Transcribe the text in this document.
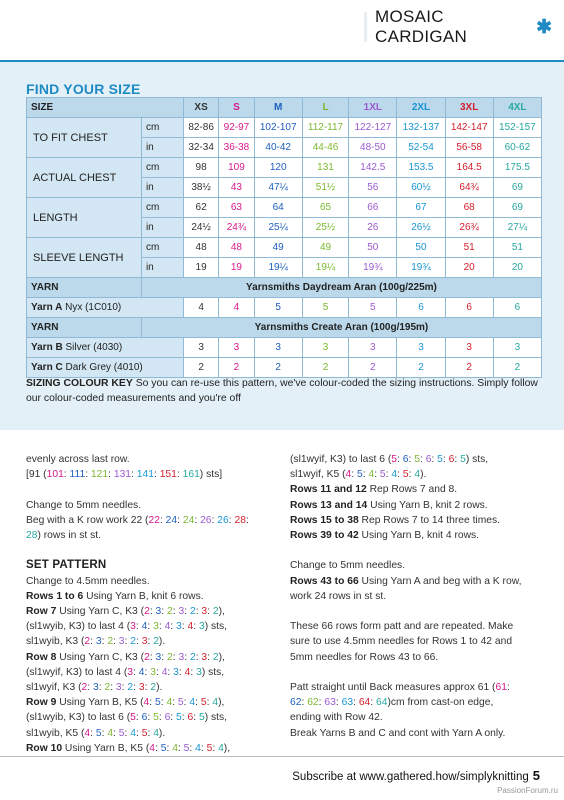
MOSAIC CARDIGAN	✱
FIND YOUR SIZE
SIZE		XS	S	M	L	1XL	2XL	3XL	4XL
TO FIT CHEST	cm	82-86	92-97	102-107	112-117	122-127	132-137	142-147	152-157
	in	32-34	36-38	40-42	44-46	48-50	52-54	56-58	60-62
ACTUAL CHEST	cm	98	109	120	131	142.5	153.5	164.5	175.5
	in	38½	43	47¼	51½	56	60½	64¾	69
LENGTH	cm	62	63	64	65	66	67	68	69
	in	24½	24¾	25¼	25½	26	26½	26¾	27¼
SLEEVE LENGTH	cm	48	48	49	49	50	50	51	51
	in	19	19	19¼	19¼	19¾	19¾	20	20
YARN	Yarnsmiths Daydream Aran (100g/225m)								
Yarn A Nyx (1C010)		4	4	5	5	5	6	6	6
YARN	Yarnsmiths Create Aran (100g/195m)								
Yarn B Silver (4030)		3	3	3	3	3	3	3	3
Yarn C Dark Grey (4010)		2	2	2	2	2	2	2	2
SIZING COLOUR KEY So you can re-use this pattern, we've colour-coded the sizing instructions. Simply follow our colour-coded measurements and you're off
evenly across last row.
[91 (101: 111: 121: 131: 141: 151: 161) sts]
Change to 5mm needles.
Beg with a K row work 22 (22: 24: 24: 26: 26: 28:
28) rows in st st.
SET PATTERN
Change to 4.5mm needles.
Rows 1 to 6 Using Yarn B, knit 6 rows.
Row 7 Using Yarn C, K3 (2: 3: 2: 3: 2: 3: 2),
(sl1wyib, K3) to last 4 (3: 4: 3: 4: 3: 4: 3) sts,
sl1wyib, K3 (2: 3: 2: 3: 2: 3: 2).
Row 8 Using Yarn C, K3 (2: 3: 2: 3: 2: 3: 2),
(sl1wyif, K3) to last 4 (3: 4: 3: 4: 3: 4: 3) sts,
sl1wyif, K3 (2: 3: 2: 3: 2: 3: 2).
Row 9 Using Yarn B, K5 (4: 5: 4: 5: 4: 5: 4),
(sl1wyib, K3) to last 6 (5: 6: 5: 6: 5: 6: 5) sts,
sl1wyib, K5 (4: 5: 4: 5: 4: 5: 4).
Row 10 Using Yarn B, K5 (4: 5: 4: 5: 4: 5: 4),
(sl1wyif, K3) to last 6 (5: 6: 5: 6: 5: 6: 5) sts,
sl1wyif, K5 (4: 5: 4: 5: 4: 5: 4).
Rows 11 and 12 Rep Rows 7 and 8.
Rows 13 and 14 Using Yarn B, knit 2 rows.
Rows 15 to 38 Rep Rows 7 to 14 three times.
Rows 39 to 42 Using Yarn B, knit 4 rows.
Change to 5mm needles.
Rows 43 to 66 Using Yarn A and beg with a K row,
work 24 rows in st st.
These 66 rows form patt and are repeated. Make
sure to use 4.5mm needles for Rows 1 to 42 and
5mm needles for Rows 43 to 66.
Patt straight until Back measures approx 61 (61:
62: 62: 63: 63: 64: 64)cm from cast-on edge,
ending with Row 42.
Break Yarns B and C and cont with Yarn A only.
Subscribe at www.gathered.how/simplyknitting 5
PassionForum.ru
